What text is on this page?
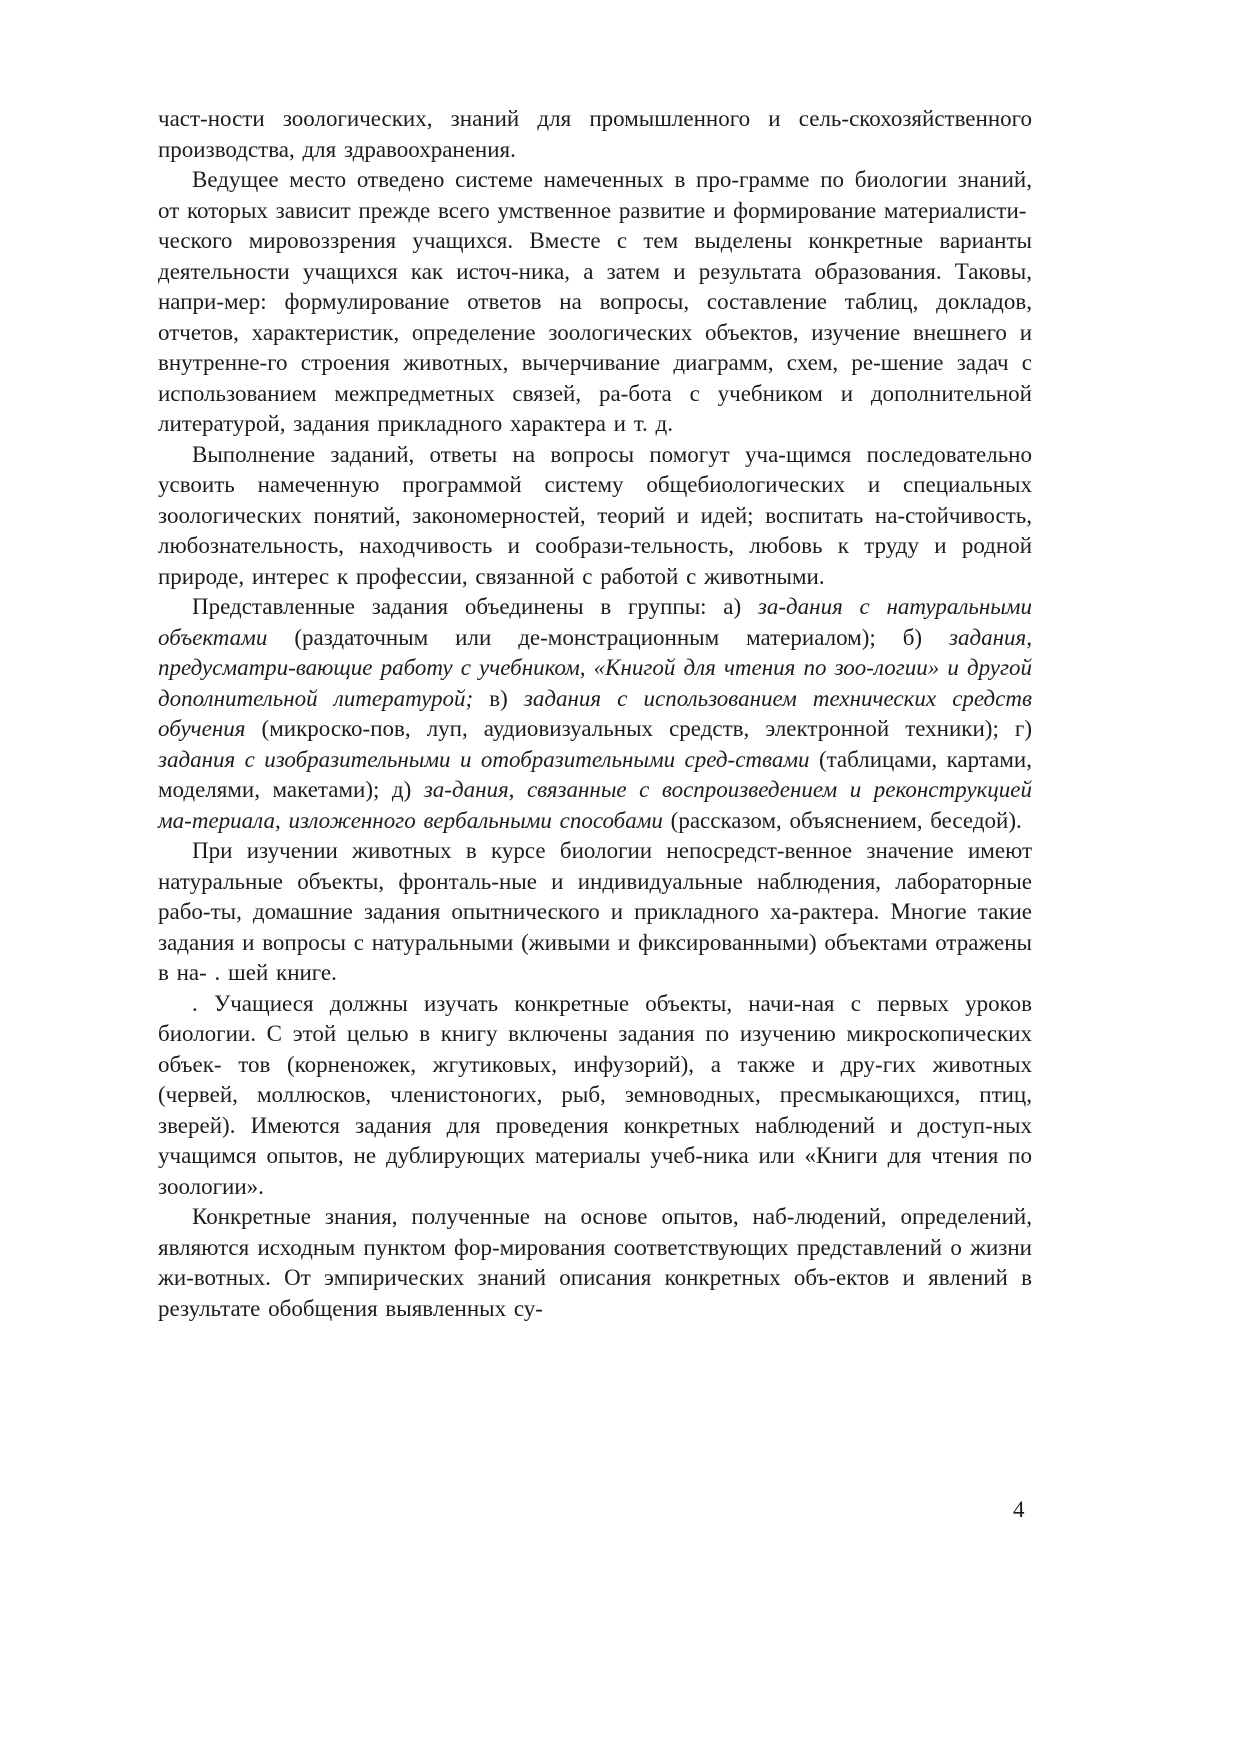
част-ности зоологических, знаний для промышленного и сель-скохозяйственного производства, для здравоохранения.

Ведущее место отведено системе намеченных в про-грамме по биологии знаний, от которых зависит прежде всего умственное развитие и формирование материалисти-

ческого мировоззрения учащихся. Вместе с тем выделены конкретные варианты деятельности учащихся как источ-ника, а затем и результата образования. Таковы, напри-мер: формулирование ответов на вопросы, составление таблиц, докладов, отчетов, характеристик, определение зоологических объектов, изучение внешнего и внутренне-го строения животных, вычерчивание диаграмм, схем, ре-шение задач с использованием межпредметных связей, ра-бота с учебником и дополнительной литературой, задания прикладного характера и т. д.

Выполнение заданий, ответы на вопросы помогут уча-щимся последовательно усвоить намеченную программой систему общебиологических и специальных зоологических понятий, закономерностей, теорий и идей; воспитать на-стойчивость, любознательность, находчивость и сообрази-тельность, любовь к труду и родной природе, интерес к профессии, связанной с работой с животными.

Представленные задания объединены в группы: а) за-дания с натуральными объектами (раздаточным или де-монстрационным материалом); б) задания, предусматри-вающие работу с учебником, «Книгой для чтения по зоо-логии» и другой дополнительной литературой; в) задания с использованием технических средств обучения (микроско-пов, луп, аудиовизуальных средств, электронной техники); г) задания с изобразительными и отобразительными сред-ствами (таблицами, картами, моделями, макетами); д) за-дания, связанные с воспроизведением и реконструкцией ма-териала, изложенного вербальными способами (рассказом, объяснением, беседой).

При изучении животных в курсе биологии непосредст-венное значение имеют натуральные объекты, фронталь-ные и индивидуальные наблюдения, лабораторные рабо-ты, домашние задания опытнического и прикладного ха-рактера. Многие такие задания и вопросы с натуральными (живыми и фиксированными) объектами отражены в на- . шей книге.

. Учащиеся должны изучать конкретные объекты, начи-ная с первых уроков биологии. С этой целью в книгу включены задания по изучению микроскопических объек- тов (корненожек, жгутиковых, инфузорий), а также и дру-гих животных (червей, моллюсков, членистоногих, рыб, земноводных, пресмыкающихся, птиц, зверей). Имеются задания для проведения конкретных наблюдений и доступ-ных учащимся опытов, не дублирующих материалы учеб-ника или «Книги для чтения по зоологии».

Конкретные знания, полученные на основе опытов, наб-людений, определений, являются исходным пунктом фор-мирования соответствующих представлений о жизни жи-вотных. От эмпирических знаний описания конкретных объ-ектов и явлений в результате обобщения выявленных су-

4
